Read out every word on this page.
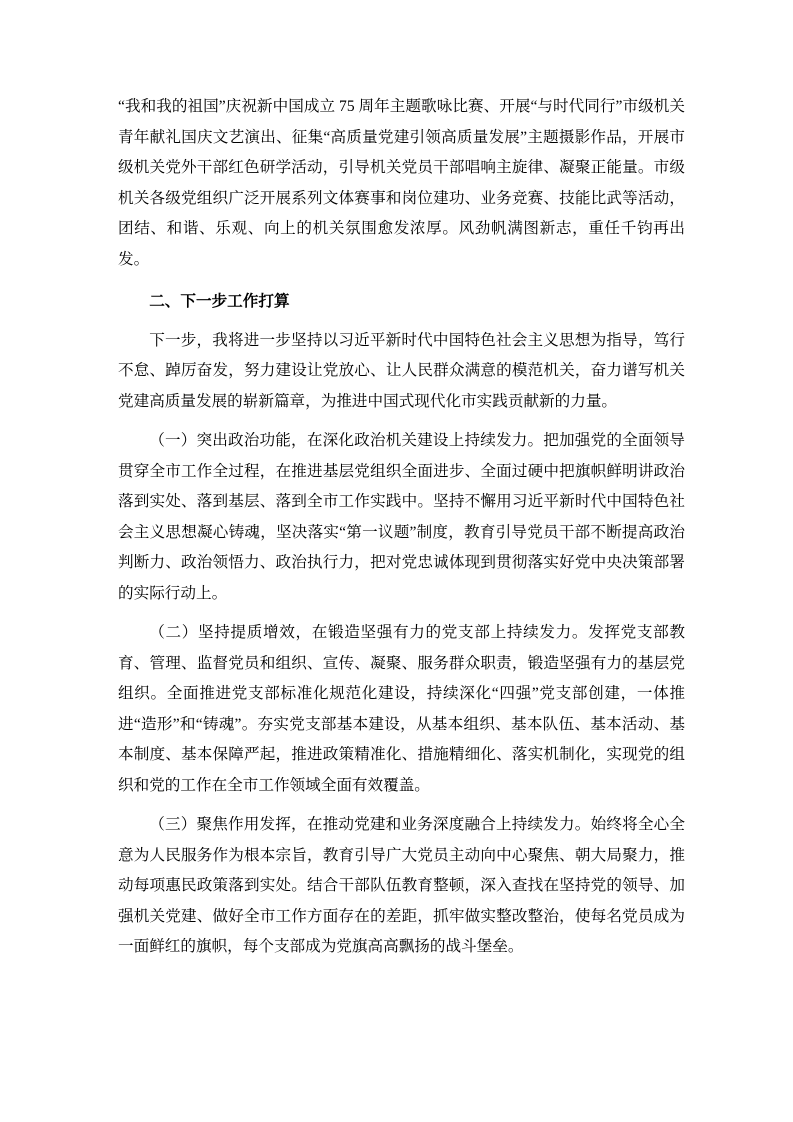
“我和我的祖国”庆祝新中国成立 75 周年主题歌咏比赛、开展“与时代同行”市级机关青年献礼国庆文艺演出、征集“高质量党建引领高质量发展”主题摄影作品，开展市级机关党外干部红色研学活动，引导机关党员干部唱响主旋律、凝聚正能量。市级机关各级党组织广泛开展系列文体赛事和岗位建功、业务竞赛、技能比武等活动，团结、和谐、乐观、向上的机关氛围愈发浓厚。风劲帆满图新志，重任千钧再出发。

二、下一步工作打算

下一步，我将进一步坚持以习近平新时代中国特色社会主义思想为指导，笃行不怠、踔厉奋发，努力建设让党放心、让人民群众满意的模范机关，奋力谱写机关党建高质量发展的崭新篇章，为推进中国式现代化市实践贡献新的力量。

（一）突出政治功能，在深化政治机关建设上持续发力。把加强党的全面领导贯穿全市工作全过程，在推进基层党组织全面进步、全面过硬中把旗帜鲜明讲政治落到实处、落到基层、落到全市工作实践中。坚持不懈用习近平新时代中国特色社会主义思想凝心铸魂，坚决落实“第一议题”制度，教育引导党员干部不断提高政治判断力、政治领悟力、政治执行力，把对党忠诚体现到贯彻落实好党中央决策部署的实际行动上。

（二）坚持提质增效，在锻造坚强有力的党支部上持续发力。发挥党支部教育、管理、监督党员和组织、宣传、凝聚、服务群众职责，锻造坚强有力的基层党组织。全面推进党支部标准化规范化建设，持续深化“四强”党支部创建，一体推进“造形”和“铸魂”。夯实党支部基本建设，从基本组织、基本队伍、基本活动、基本制度、基本保障严起，推进政策精准化、措施精细化、落实机制化，实现党的组织和党的工作在全市工作领域全面有效覆盖。

（三）聚焦作用发挥，在推动党建和业务深度融合上持续发力。始终将全心全意为人民服务作为根本宗旨，教育引导广大党员主动向中心聚焦、朝大局聚力，推动每项惠民政策落到实处。结合干部队伍教育整顿，深入查找在坚持党的领导、加强机关党建、做好全市工作方面存在的差距，抓牢做实整改整治，使每名党员成为一面鲜红的旗帜，每个支部成为党旗高高飘扬的战斗堡垒。
